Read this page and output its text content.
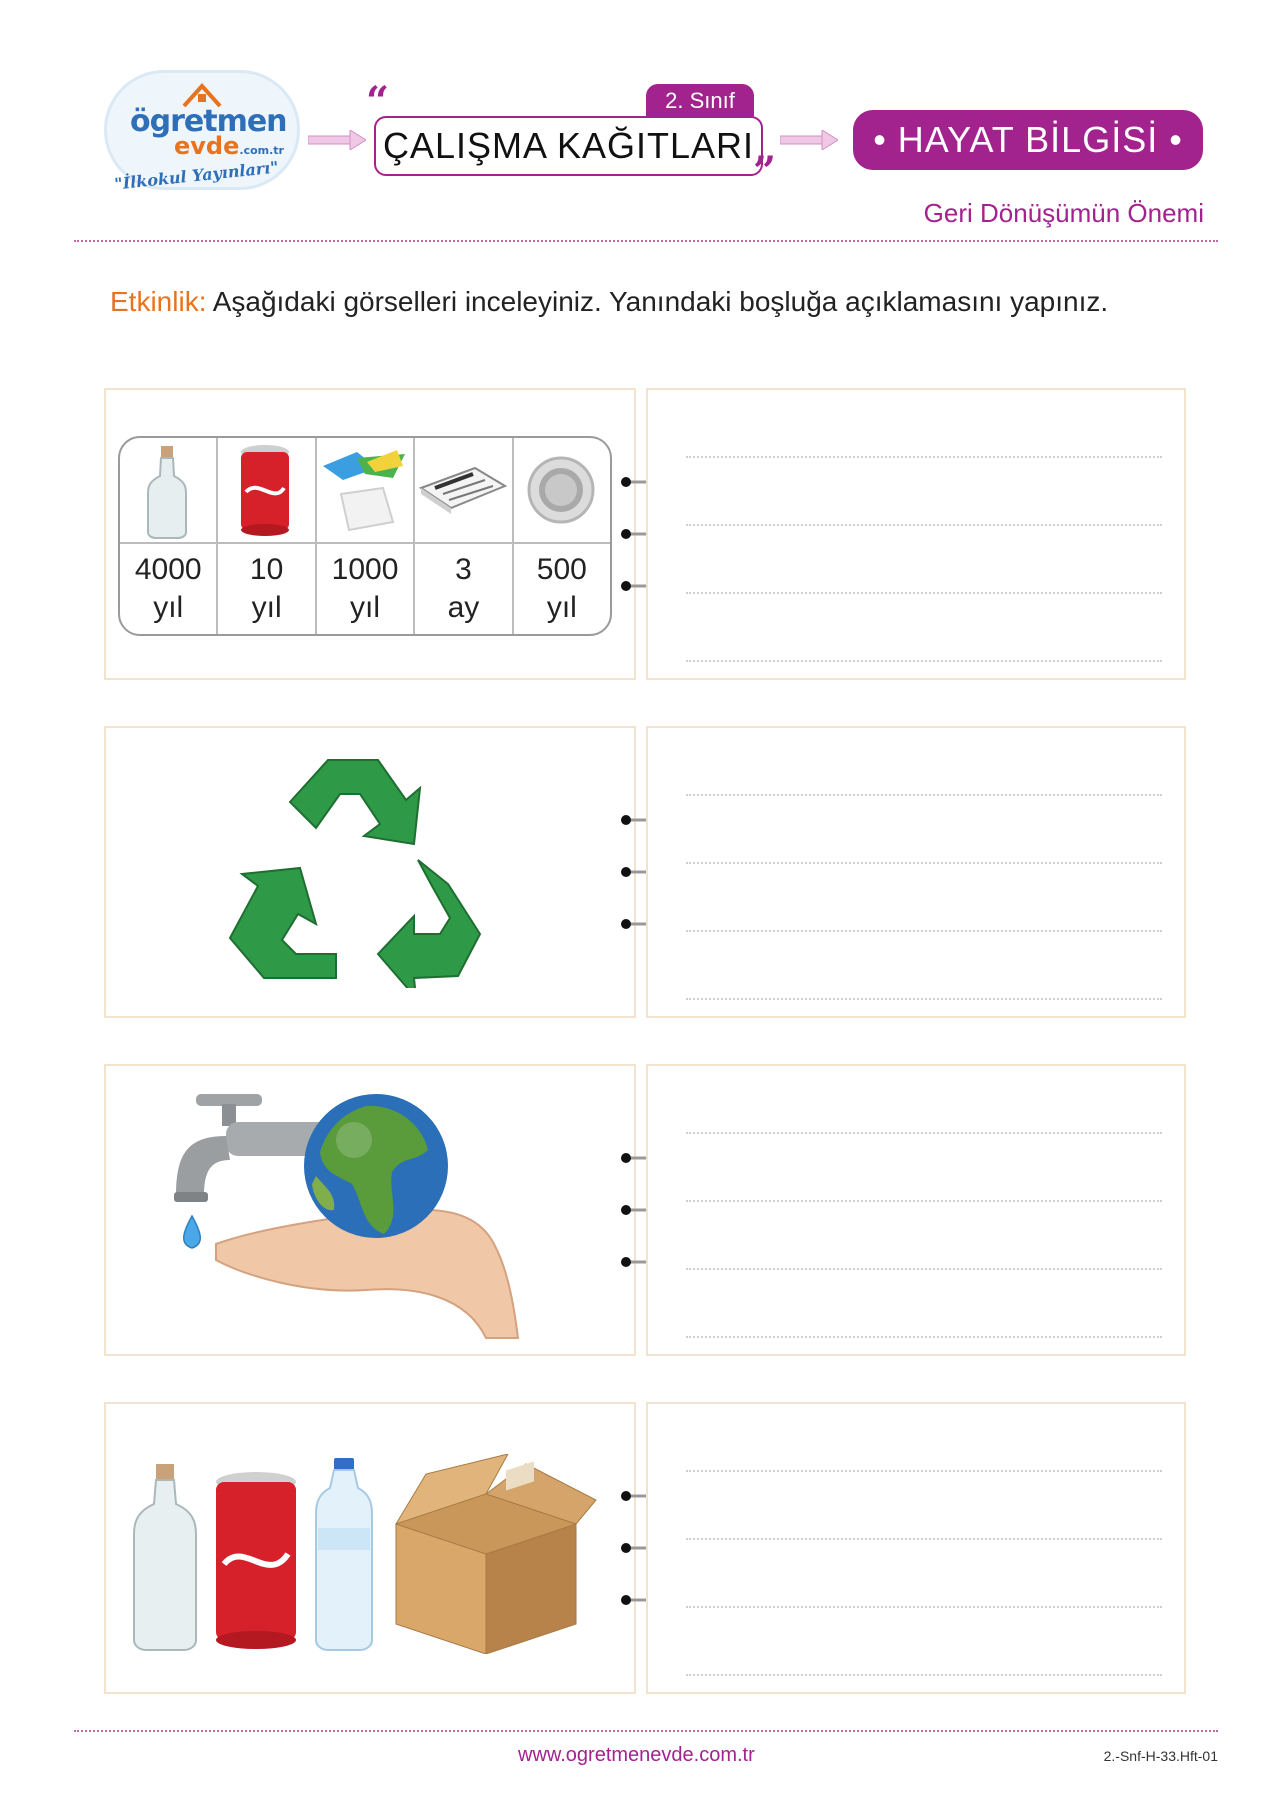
ögretmen
evde.com.tr
"İlkokul Yayınları"
“
ÇALIŞMA KAĞITLARI
2. Sınıf
”
• HAYAT BİLGİSİ •
Geri Dönüşümün Önemi
Etkinlik: Aşağıdaki görselleri inceleyiniz. Yanındaki boşluğa açıklamasını yapınız.
4000
yıl
10
yıl
1000
yıl
3
ay
500
yıl
www.ogretmenevde.com.tr	2.-Snf-H-33.Hft-01
